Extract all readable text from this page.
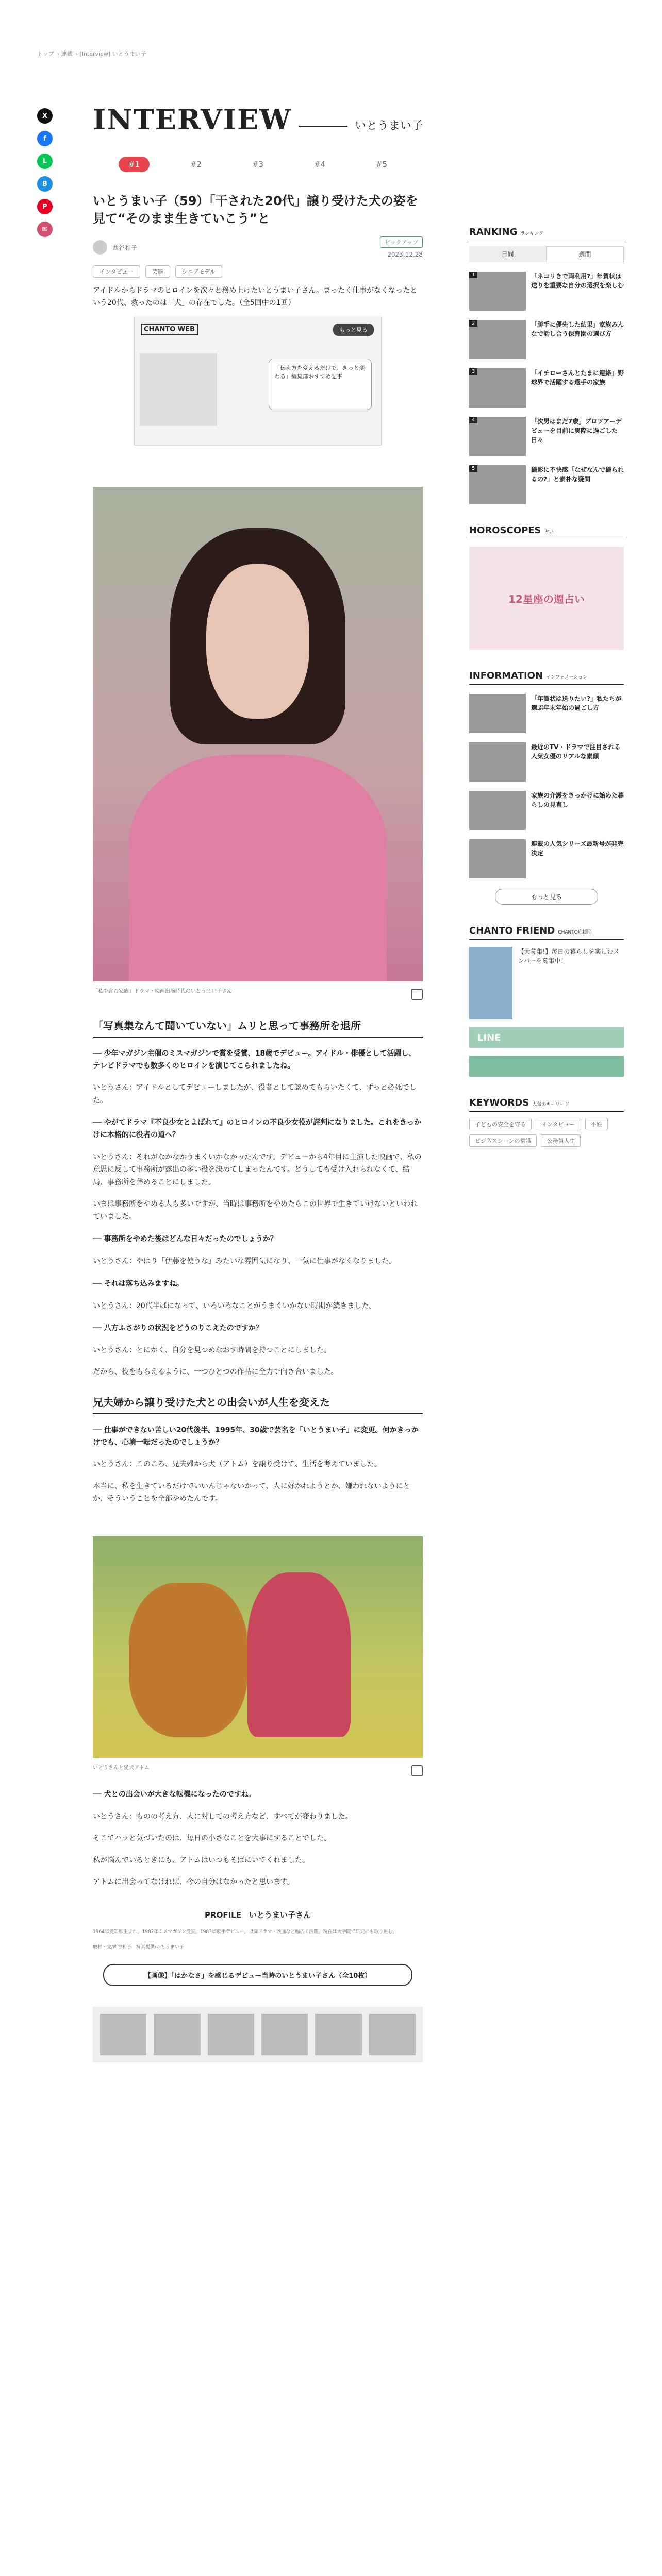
トップ › 連載 › [Interview] いとうまい子
X
f
L
B
P
✉
INTERVIEW	いとうまい子
#1	#2	#3	#4	#5
いとうまい子（59）「干された20代」譲り受けた犬の姿を見て“そのまま生きていこう”と
西谷和子
ピックアップ
2023.12.28
インタビュー	芸能	シニアモデル

アイドルからドラマのヒロインを次々と務め上げたいとうまい子さん。まったく仕事がなくなったという20代、救ったのは「犬」の存在でした。（全5回中の1回）

CHANTO WEB	もっと見る
「伝え方を変えるだけで、きっと変わる」編集部おすすめ記事

「私を含む家族」ドラマ・映画出演時代のいとうまい子さん

「写真集なんて聞いていない」ムリと思って事務所を退所

── 少年マガジン主催のミスマガジンで賞を受賞、18歳でデビュー。アイドル・俳優として活躍し、テレビドラマでも数多くのヒロインを演じてこられましたね。

いとうさん：アイドルとしてデビューしましたが、役者として認めてもらいたくて、ずっと必死でした。

── やがてドラマ『不良少女とよばれて』のヒロインの不良少女役が評判になりました。これをきっかけに本格的に役者の道へ？

いとうさん：それがなかなかうまくいかなかったんです。デビューから4年目に主演した映画で、私の意思に反して事務所が露出の多い役を決めてしまったんです。どうしても受け入れられなくて、結局、事務所を辞めることにしました。

いまは事務所をやめる人も多いですが、当時は事務所をやめたらこの世界で生きていけないといわれていました。

── 事務所をやめた後はどんな日々だったのでしょうか？

いとうさん：やはり「伊藤を使うな」みたいな雰囲気になり、一気に仕事がなくなりました。

── それは落ち込みますね。

いとうさん：20代半ばになって、いろいろなことがうまくいかない時期が続きました。

── 八方ふさがりの状況をどうのりこえたのですか？

いとうさん：とにかく、自分を見つめなおす時間を持つことにしました。

だから、役をもらえるように、一つひとつの作品に全力で向き合いました。

兄夫婦から譲り受けた犬との出会いが人生を変えた

── 仕事ができない苦しい20代後半。1995年、30歳で芸名を「いとうまい子」に変更。何かきっかけでも、心境一転だったのでしょうか？

いとうさん：このころ、兄夫婦から犬（アトム）を譲り受けて、生活を考えていました。

本当に、私を生きているだけでいいんじゃないかって、人に好かれようとか、嫌われないようにとか、そういうことを全部やめたんです。

いとうさんと愛犬アトム

── 犬との出会いが大きな転機になったのですね。

いとうさん：ものの考え方、人に対しての考え方など、すべてが変わりました。

そこでハッと気づいたのは、毎日の小さなことを大事にすることでした。

私が悩んでいるときにも、アトムはいつもそばにいてくれました。

アトムに出会ってなければ、今の自分はなかったと思います。

PROFILE　いとうまい子さん

1964年愛知県生まれ。1982年ミスマガジン受賞。1983年歌手デビュー。以降ドラマ・映画など幅広く活躍。現在は大学院で研究にも取り組む。

取材・文/西谷和子　写真提供/いとうまい子

【画像】「はかなさ」を感じるデビュー当時のいとうまい子さん（全10枚）
RANKING ランキング
日間	週間
1	「ネコリきで両利用?」年賀状は送りを重要な自分の選択を楽しむ
2	「勝手に優先した結果」家族みんなで話し合う保育園の選び方
3	「イチローさんとたまに連絡」野球界で活躍する選手の家族
4	「次男はまだ7歳」プロツアーデビューを目前に実際に過ごした日々
5	撮影に不快感「なぜなんで撮られるの?」と素朴な疑問
HOROSCOPES 占い
12星座の週占い
INFORMATION インフォメーション
「年賀状は送りたい?」私たちが選ぶ年末年始の過ごし方
最近のTV・ドラマで注目される人気女優のリアルな素顔
家族の介護をきっかけに始めた暮らしの見直し
連載の人気シリーズ最新号が発売決定
もっと見る
CHANTO FRIEND CHANTO応援団
【大募集!】毎日の暮らしを楽しむメンバーを募集中！
LINE
KEYWORDS 人気のキーワード
子どもの安全を守る	インタビュー	不妊
ビジネスシーンの常識	公務員人生
